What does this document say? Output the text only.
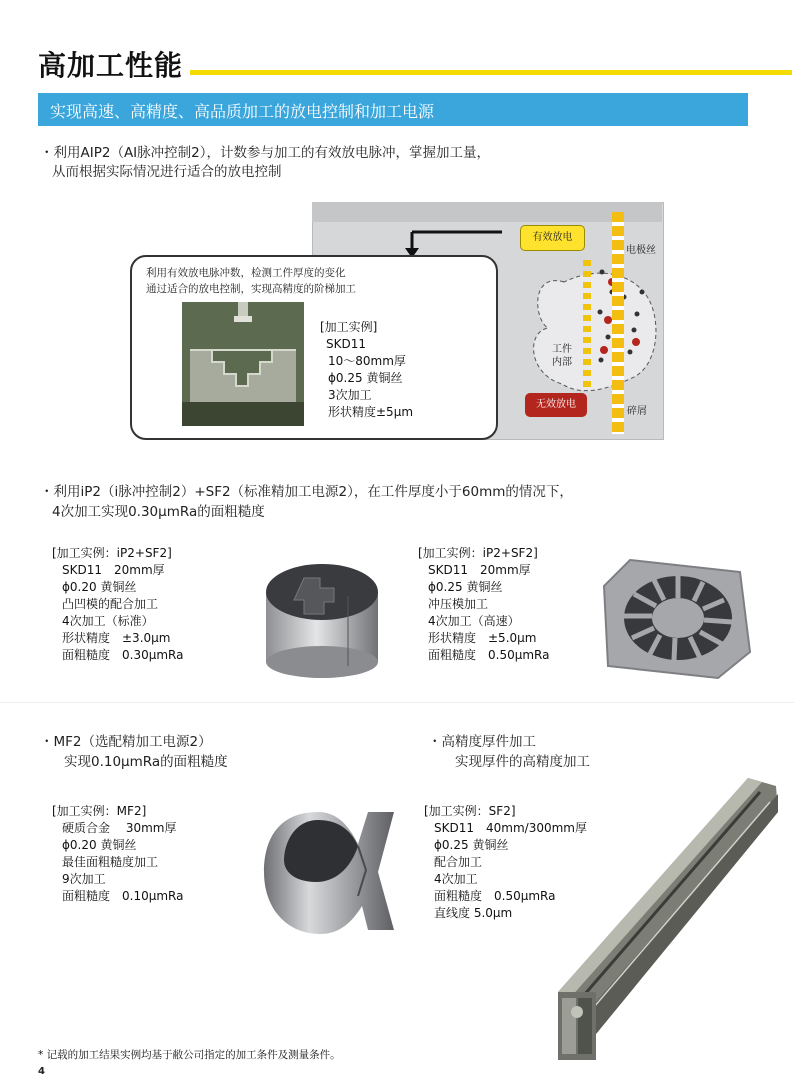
高加工性能
实现高速、高精度、高品质加工的放电控制和加工电源
・利用AIP2（AI脉冲控制2），计数参与加工的有效放电脉冲，掌握加工量，
从而根据实际情况进行适合的放电控制
有效放电
无效放电
电极丝
工件
内部
碎屑
利用有效放电脉冲数，检测工件厚度的变化
通过适合的放电控制，实现高精度的阶梯加工
[加工实例]
SKD11
10～80mm厚
ϕ0.25 黄铜丝
3次加工
形状精度±5μm
・利用iP2（i脉冲控制2）+SF2（标准精加工电源2），在工件厚度小于60mm的情况下，
4次加工实现0.30μmRa的面粗糙度
[加工实例：iP2+SF2]
SKD11　20mm厚
ϕ0.20 黄铜丝
凸凹模的配合加工
4次加工（标准）
形状精度　±3.0μm
面粗糙度　0.30μmRa
[加工实例：iP2+SF2]
SKD11　20mm厚
ϕ0.25 黄铜丝
冲压模加工
4次加工（高速）
形状精度　±5.0μm
面粗糙度　0.50μmRa
・MF2（选配精加工电源2）
实现0.10μmRa的面粗糙度
・高精度厚件加工
实现厚件的高精度加工
[加工实例：MF2]
硬质合金　 30mm厚
ϕ0.20 黄铜丝
最佳面粗糙度加工
9次加工
面粗糙度　0.10μmRa
[加工实例：SF2]
SKD11　40mm/300mm厚
ϕ0.25 黄铜丝
配合加工
4次加工
面粗糙度　0.50μmRa
直线度 5.0μm
* 记载的加工结果实例均基于敝公司指定的加工条件及测量条件。
4
